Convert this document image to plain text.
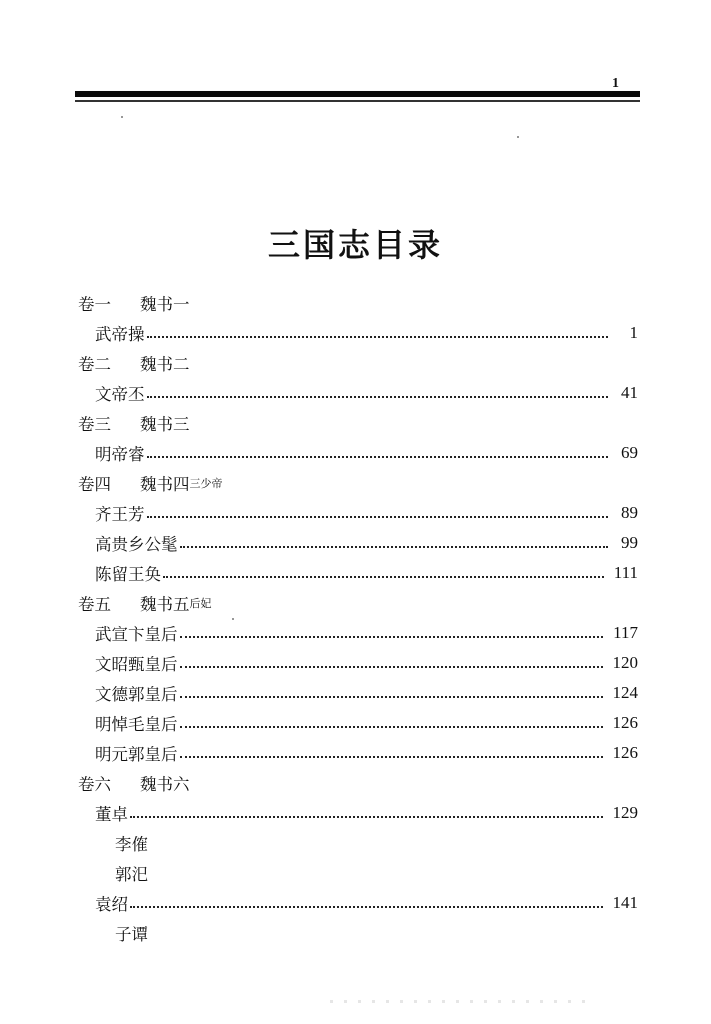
1
三国志目录
卷一	魏书一
武帝操	1
卷二	魏书二
文帝丕	41
卷三	魏书三
明帝睿	69
卷四	魏书四 三少帝
齐王芳	89
高贵乡公髦	99
陈留王奂	111
卷五	魏书五 后妃
武宣卞皇后	117
文昭甄皇后	120
文德郭皇后	124
明悼毛皇后	126
明元郭皇后	126
卷六	魏书六
董卓	129
李傕
郭汜
袁绍	141
子谭
